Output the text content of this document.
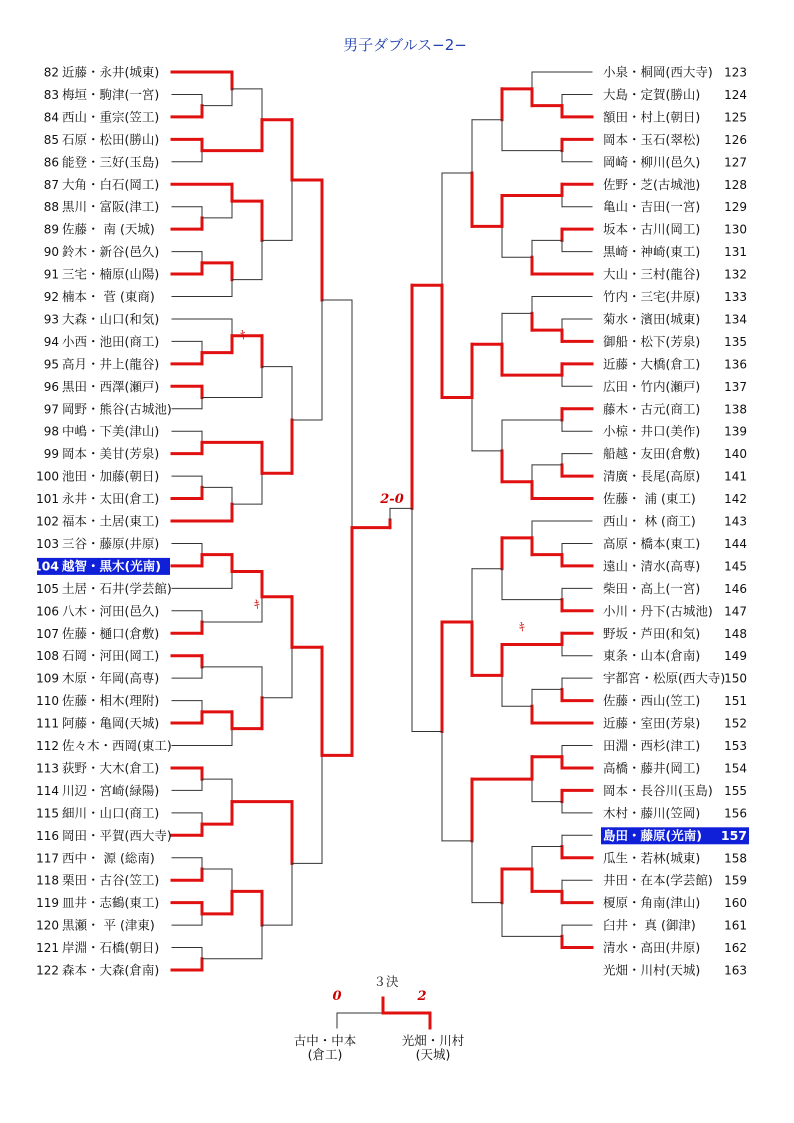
82 近藤・永井(城東)
83 梅垣・駒津(一宮)
84 西山・重宗(笠工)
85 石原・松田(勝山)
86 能登・三好(玉島)
87 大角・白石(岡工)
88 黒川・富阪(津工)
89 佐藤・ 南 (天城)
90 鈴木・新谷(邑久)
91 三宅・楠原(山陽)
92 楠本・ 菅 (東商)
93 大森・山口(和気)
94 小西・池田(商工)
95 高月・井上(龍谷)
96 黒田・西澤(瀬戸)
97 岡野・熊谷(古城池)
98 中嶋・下美(津山)
99 岡本・美甘(芳泉)
100 池田・加藤(朝日)
101 永井・太田(倉工)
102 福本・土居(東工)
103 三谷・藤原(井原)
104 越智・黒木(光南)
105 土居・石井(学芸館)
106 八木・河田(邑久)
107 佐藤・樋口(倉敷)
108 石岡・河田(岡工)
109 木原・年岡(高専)
110 佐藤・相木(理附)
111 阿藤・亀岡(天城)
112 佐々木・西岡(東工)
113 荻野・大木(倉工)
114 川辺・宮崎(緑陽)
115 細川・山口(商工)
116 岡田・平賀(西大寺)
117 西中・ 源 (総南)
118 栗田・古谷(笠工)
119 皿井・志鶴(東工)
120 黒瀬・ 平 (津東)
121 岸淵・石橋(朝日)
122 森本・大森(倉南)
小泉・桐岡(西大寺) 123
大島・定賀(勝山) 124
額田・村上(朝日) 125
岡本・玉石(翠松) 126
岡崎・柳川(邑久) 127
佐野・芝(古城池) 128
亀山・吉田(一宮) 129
坂本・古川(岡工) 130
黒崎・神崎(東工) 131
大山・三村(龍谷) 132
竹内・三宅(井原) 133
菊水・濱田(城東) 134
御船・松下(芳泉) 135
近藤・大橋(倉工) 136
広田・竹内(瀬戸) 137
藤木・古元(商工) 138
小椋・井口(美作) 139
船越・友田(倉敷) 140
清廣・長尾(高原) 141
佐藤・ 浦 (東工) 142
西山・ 林 (商工) 143
高原・橋本(東工) 144
遠山・清水(高専) 145
柴田・高上(一宮) 146
小川・丹下(古城池) 147
野坂・芦田(和気) 148
東条・山本(倉南) 149
宇都宮・松原(西大寺)
150
佐藤・西山(笠工) 151
近藤・室田(芳泉) 152
田淵・西杉(津工) 153
高橋・藤井(岡工) 154
岡本・長谷川(玉島) 155
木村・藤川(笠岡) 156
島田・藤原(光南) 157
瓜生・若林(城東) 158
井田・在本(学芸館) 159
榎原・角南(津山) 160
臼井・ 真 (御津) 161
清水・高田(井原) 162
光畑・川村(天城) 163
ｷ
ｷ
ｷ
男子ダブルス−2−
2-0
３決
0	2
古中・中本
(倉工)
光畑・川村
(天城)
